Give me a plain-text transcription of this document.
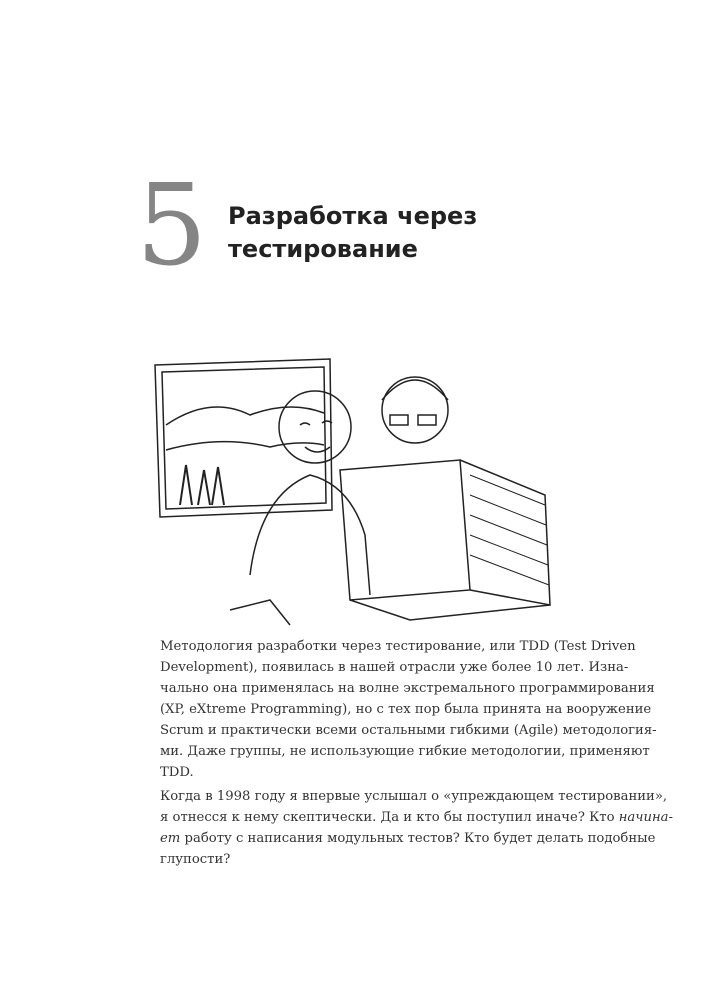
5 Разработка через
тестирование
Методология разработки через тестирование, или TDD (Test Driven
Development), появилась в нашей отрасли уже более 10 лет. Изна-
чально она применялась на волне экстремального программирования
(XP, eXtreme Programming), но с тех пор была принята на вооружение
Scrum и практически всеми остальными гибкими (Agile) методология-
ми. Даже группы, не использующие гибкие методологии, применяют
TDD.
Когда в 1998 году я впервые услышал о «упреждающем тестировании»,
я отнесся к нему скептически. Да и кто бы поступил иначе? Кто начина-
ет работу с написания модульных тестов? Кто будет делать подобные
глупости?
